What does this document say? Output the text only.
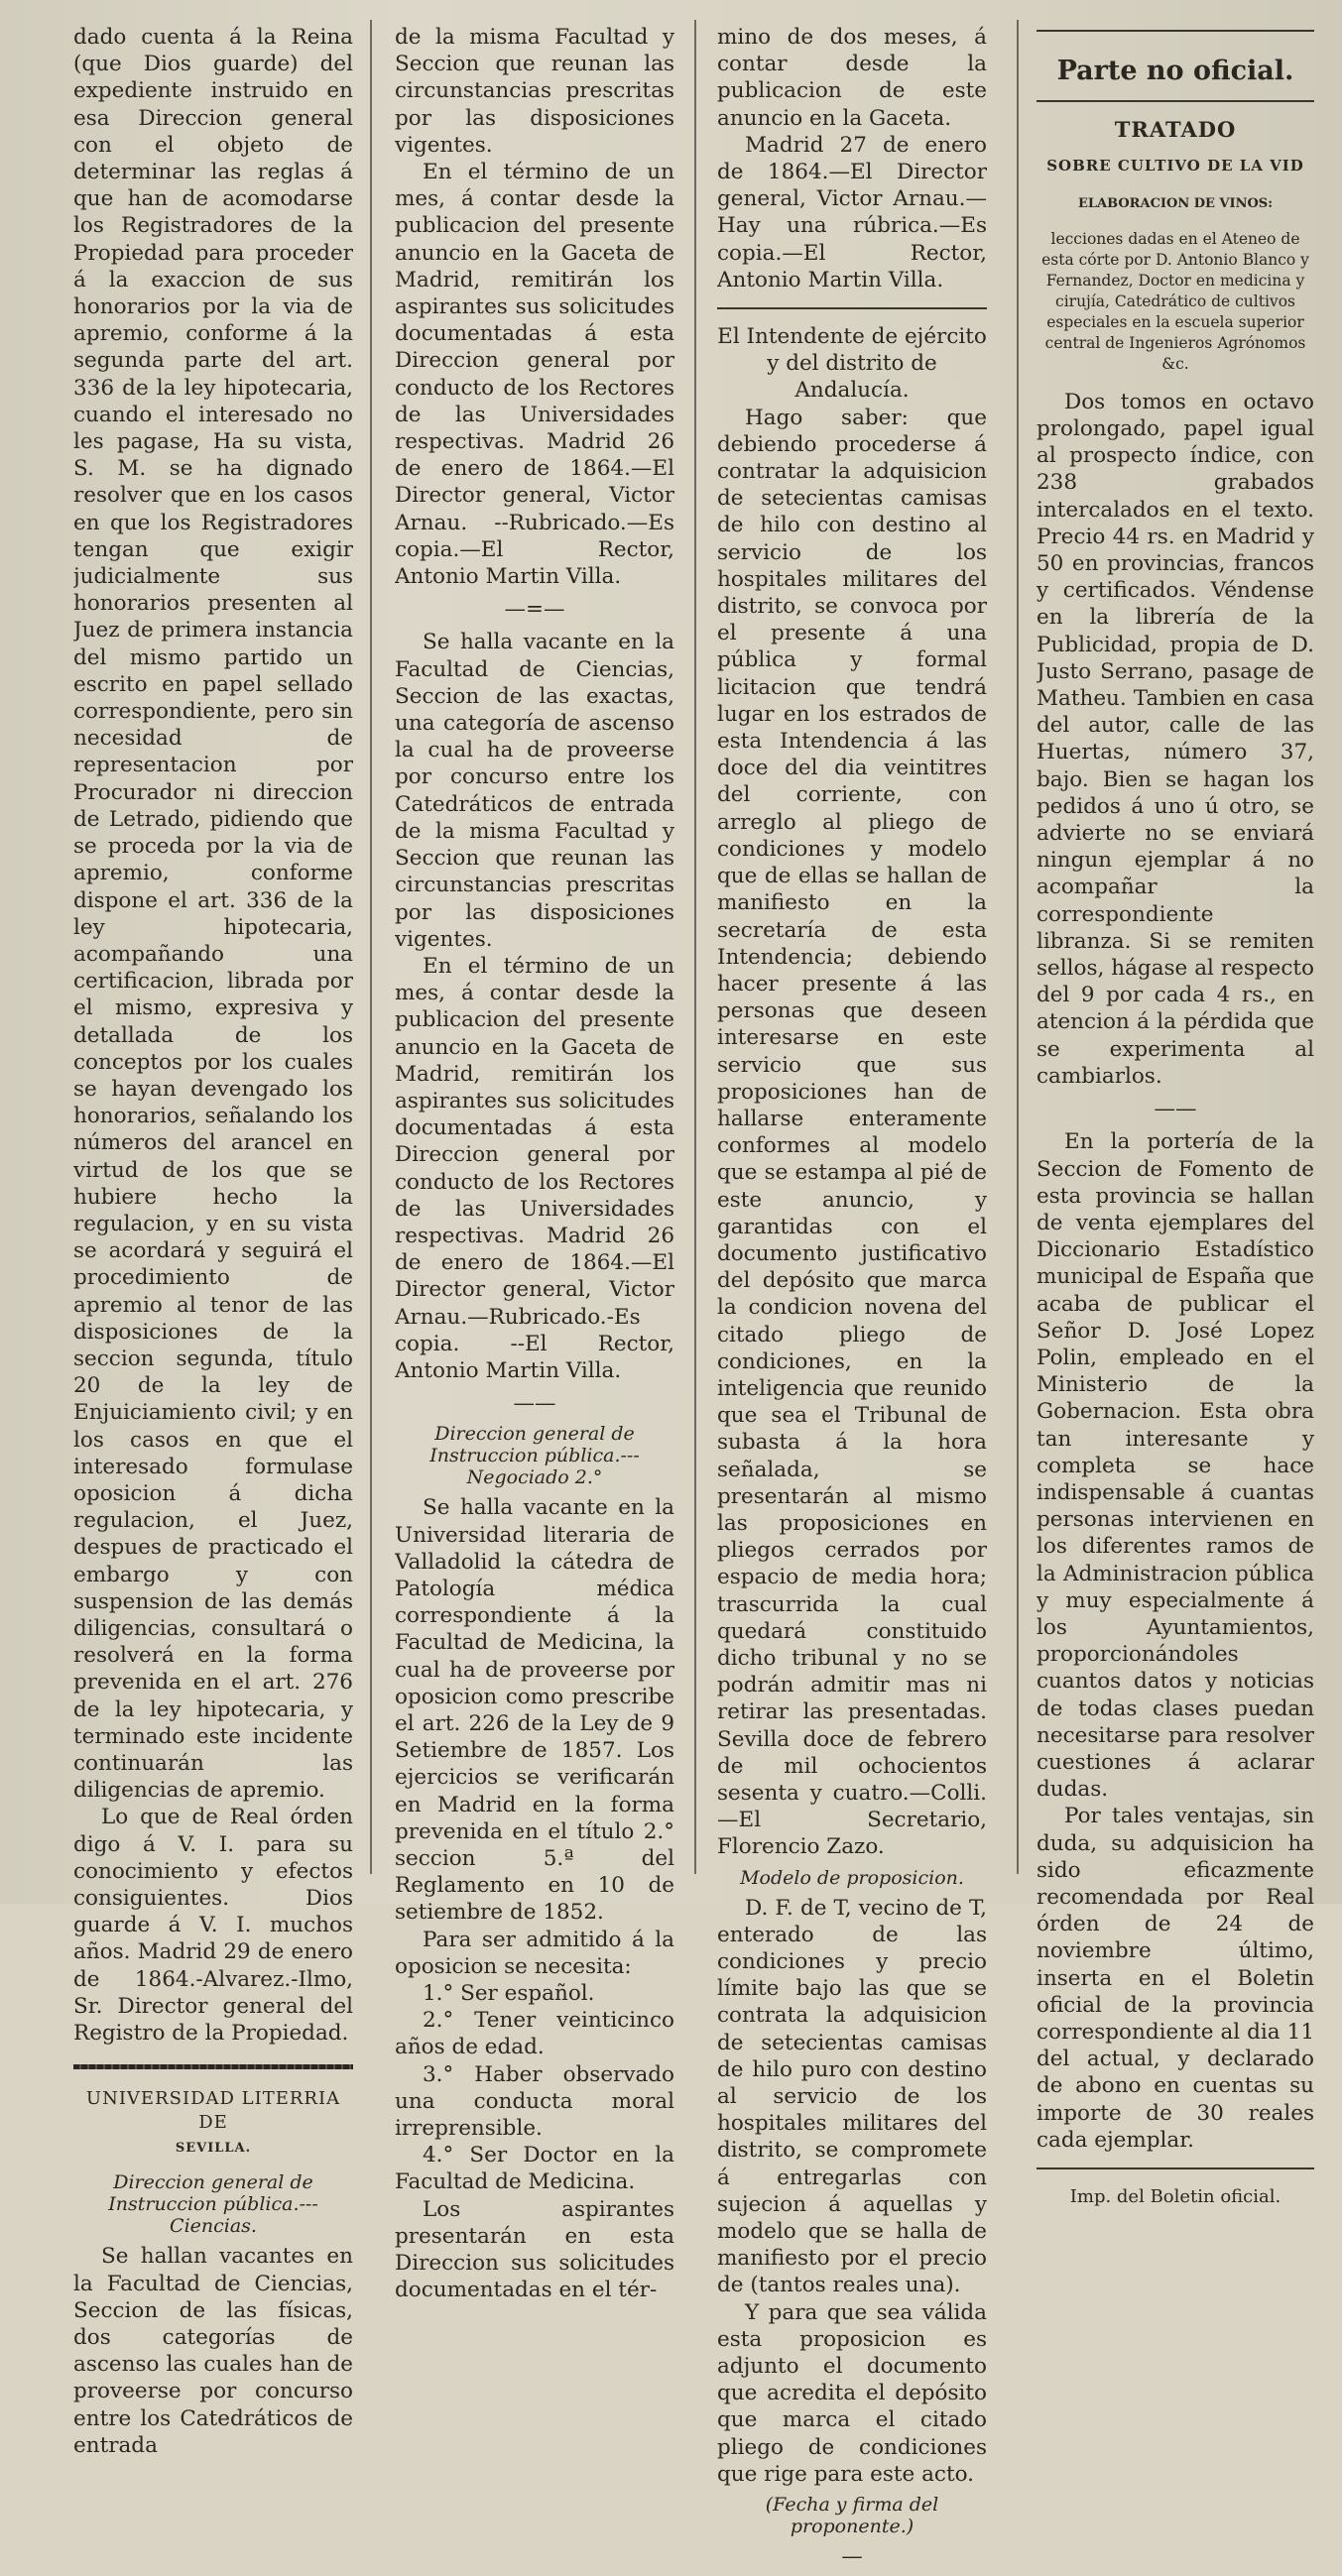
dado cuenta á la Reina (que Dios guarde) del expediente instruido en esa Direccion general con el objeto de determinar las reglas á que han de acomodarse los Registradores de la Propiedad para proceder á la exaccion de sus honorarios por la via de apremio, conforme á la segunda parte del art. 336 de la ley hipotecaria, cuando el interesado no les pagase, Ha su vista, S. M. se ha dignado resolver que en los casos en que los Registradores tengan que exigir judicialmente sus honorarios presenten al Juez de primera instancia del mismo partido un escrito en papel sellado correspondiente, pero sin necesidad de representacion por Procurador ni direccion de Letrado, pidiendo que se proceda por la via de apremio, conforme dispone el art. 336 de la ley hipotecaria, acompañando una certificacion, librada por el mismo, expresiva y detallada de los conceptos por los cuales se hayan devengado los honorarios, señalando los números del arancel en virtud de los que se hubiere hecho la regulacion, y en su vista se acordará y seguirá el procedimiento de apremio al tenor de las disposiciones de la seccion segunda, título 20 de la ley de Enjuiciamiento civil; y en los casos en que el interesado formulase oposicion á dicha regulacion, el Juez, despues de practicado el embargo y con suspension de las demás diligencias, consultará o resolverá en la forma prevenida en el art. 276 de la ley hipotecaria, y terminado este incidente continuarán las diligencias de apremio.

Lo que de Real órden digo á V. I. para su conocimiento y efectos consiguientes. Dios guarde á V. I. muchos años. Madrid 29 de enero de 1864.-Alvarez.-Ilmo, Sr. Director general del Registro de la Propiedad.

UNIVERSIDAD LITERRIA DE

SEVILLA.

Direccion general de Instruccion pública.---Ciencias.

Se hallan vacantes en la Facultad de Ciencias, Seccion de las físicas, dos categorías de ascenso las cuales han de proveerse por concurso entre los Catedráticos de entrada

de la misma Facultad y Seccion que reunan las circunstancias prescritas por las disposiciones vigentes.

En el término de un mes, á contar desde la publicacion del presente anuncio en la Gaceta de Madrid, remitirán los aspirantes sus solicitudes documentadas á esta Direccion general por conducto de los Rectores de las Universidades respectivas. Madrid 26 de enero de 1864.—El Director general, Victor Arnau. --Rubricado.—Es copia.—El Rector, Antonio Martin Villa.

—=—

Se halla vacante en la Facultad de Ciencias, Seccion de las exactas, una categoría de ascenso la cual ha de proveerse por concurso entre los Catedráticos de entrada de la misma Facultad y Seccion que reunan las circunstancias prescritas por las disposiciones vigentes.

En el término de un mes, á contar desde la publicacion del presente anuncio en la Gaceta de Madrid, remitirán los aspirantes sus solicitudes documentadas á esta Direccion general por conducto de los Rectores de las Universidades respectivas. Madrid 26 de enero de 1864.—El Director general, Victor Arnau.—Rubricado.-Es copia. --El Rector, Antonio Martin Villa.

——

Direccion general de Instruccion pública.---Negociado 2.°

Se halla vacante en la Universidad literaria de Valladolid la cátedra de Patología médica correspondiente á la Facultad de Medicina, la cual ha de proveerse por oposicion como prescribe el art. 226 de la Ley de 9 Setiembre de 1857. Los ejercicios se verificarán en Madrid en la forma prevenida en el título 2.° seccion 5.ª del Reglamento en 10 de setiembre de 1852.

Para ser admitido á la oposicion se necesita:

1.° Ser español.

2.° Tener veinticinco años de edad.

3.° Haber observado una conducta moral irreprensible.

4.° Ser Doctor en la Facultad de Medicina.

Los aspirantes presentarán en esta Direccion sus solicitudes documentadas en el tér-

mino de dos meses, á contar desde la publicacion de este anuncio en la Gaceta.

Madrid 27 de enero de 1864.—El Director general, Victor Arnau.—Hay una rúbrica.—Es copia.—El Rector, Antonio Martin Villa.

El Intendente de ejército y del distrito de Andalucía.

Hago saber: que debiendo procederse á contratar la adquisicion de setecientas camisas de hilo con destino al servicio de los hospitales militares del distrito, se convoca por el presente á una pública y formal licitacion que tendrá lugar en los estrados de esta Intendencia á las doce del dia veintitres del corriente, con arreglo al pliego de condiciones y modelo que de ellas se hallan de manifiesto en la secretaría de esta Intendencia; debiendo hacer presente á las personas que deseen interesarse en este servicio que sus proposiciones han de hallarse enteramente conformes al modelo que se estampa al pié de este anuncio, y garantidas con el documento justificativo del depósito que marca la condicion novena del citado pliego de condiciones, en la inteligencia que reunido que sea el Tribunal de subasta á la hora señalada, se presentarán al mismo las proposiciones en pliegos cerrados por espacio de media hora; trascurrida la cual quedará constituido dicho tribunal y no se podrán admitir mas ni retirar las presentadas. Sevilla doce de febrero de mil ochocientos sesenta y cuatro.—Colli.—El Secretario, Florencio Zazo.

Modelo de proposicion.

D. F. de T, vecino de T, enterado de las condiciones y precio límite bajo las que se contrata la adquisicion de setecientas camisas de hilo puro con destino al servicio de los hospitales militares del distrito, se compromete á entregarlas con sujecion á aquellas y modelo que se halla de manifiesto por el precio de (tantos reales una).

Y para que sea válida esta proposicion es adjunto el documento que acredita el depósito que marca el citado pliego de condiciones que rige para este acto.

(Fecha y firma del proponente.)

—

Parte no oficial.

TRATADO

SOBRE CULTIVO DE LA VID

ELABORACION DE VINOS:

lecciones dadas en el Ateneo de esta córte por D. Antonio Blanco y Fernandez, Doctor en medicina y cirujía, Catedrático de cultivos especiales en la escuela superior central de Ingenieros Agrónomos &c.

Dos tomos en octavo prolongado, papel igual al prospecto índice, con 238 grabados intercalados en el texto. Precio 44 rs. en Madrid y 50 en provincias, francos y certificados. Véndense en la librería de la Publicidad, propia de D. Justo Serrano, pasage de Matheu. Tambien en casa del autor, calle de las Huertas, número 37, bajo. Bien se hagan los pedidos á uno ú otro, se advierte no se enviará ningun ejemplar á no acompañar la correspondiente libranza. Si se remiten sellos, hágase al respecto del 9 por cada 4 rs., en atencion á la pérdida que se experimenta al cambiarlos.

——

En la portería de la Seccion de Fomento de esta provincia se hallan de venta ejemplares del Diccionario Estadístico municipal de España que acaba de publicar el Señor D. José Lopez Polin, empleado en el Ministerio de la Gobernacion. Esta obra tan interesante y completa se hace indispensable á cuantas personas intervienen en los diferentes ramos de la Administracion pública y muy especialmente á los Ayuntamientos, proporcionándoles cuantos datos y noticias de todas clases puedan necesitarse para resolver cuestiones á aclarar dudas.

Por tales ventajas, sin duda, su adquisicion ha sido eficazmente recomendada por Real órden de 24 de noviembre último, inserta en el Boletin oficial de la provincia correspondiente al dia 11 del actual, y declarado de abono en cuentas su importe de 30 reales cada ejemplar.

Imp. del Boletin oficial.
